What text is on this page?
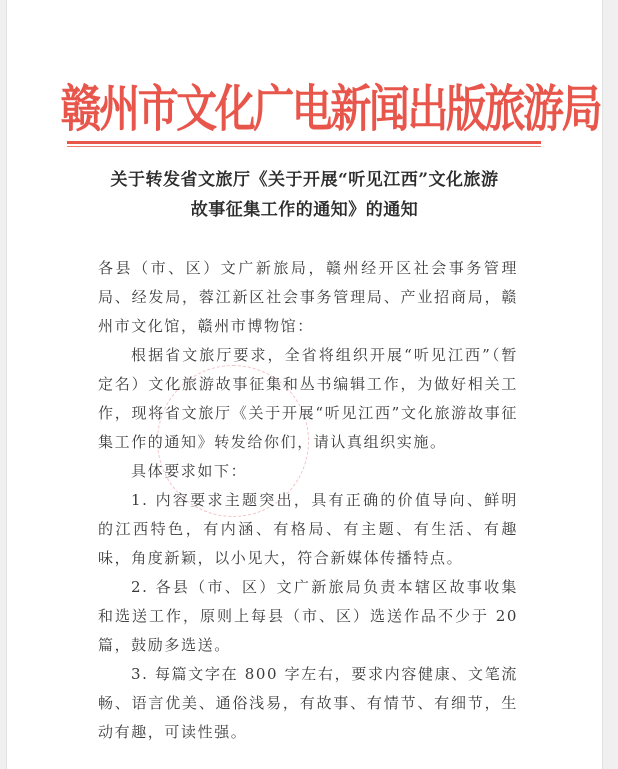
赣州市文化广电新闻出版旅游局
关于转发省文旅厅《关于开展“听见江西”文化旅游
故事征集工作的通知》的通知

各县（市、区）文广新旅局，赣州经开区社会事务管理局、经发局，蓉江新区社会事务管理局、产业招商局，赣州市文化馆，赣州市博物馆：

根据省文旅厅要求，全省将组织开展“听见江西”（暂定名）文化旅游故事征集和丛书编辑工作，为做好相关工作，现将省文旅厅《关于开展“听见江西”文化旅游故事征集工作的通知》转发给你们，请认真组织实施。

具体要求如下：

1. 内容要求主题突出，具有正确的价值导向、鲜明的江西特色，有内涵、有格局、有主题、有生活、有趣味，角度新颖，以小见大，符合新媒体传播特点。

2. 各县（市、区）文广新旅局负责本辖区故事收集和选送工作，原则上每县（市、区）选送作品不少于 20 篇，鼓励多选送。

3. 每篇文字在 800 字左右，要求内容健康、文笔流畅、语言优美、通俗浅易，有故事、有情节、有细节，生动有趣，可读性强。
